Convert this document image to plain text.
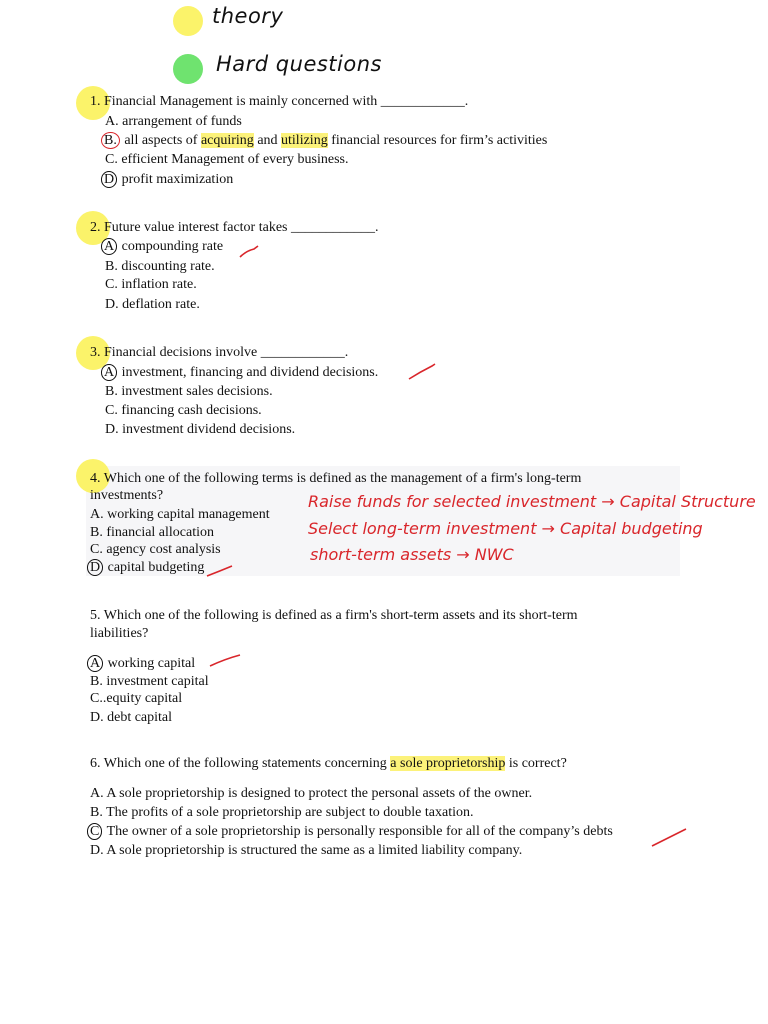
theory
Hard questions
1. Financial Management is mainly concerned with ____________.
A. arrangement of funds
B. all aspects of acquiring and utilizing financial resources for firm’s activities
C. efficient Management of every business.
D profit maximization
2. Future value interest factor takes ____________.
A compounding rate
B. discounting rate.
C. inflation rate.
D. deflation rate.
3. Financial decisions involve ____________.
A investment, financing and dividend decisions.
B. investment sales decisions.
C. financing cash decisions.
D. investment dividend decisions.
4. Which one of the following terms is defined as the management of a firm's long-term
investments?
A. working capital management
B. financial allocation
C. agency cost analysis
D capital budgeting
Raise funds for selected investment → Capital Structure
Select long-term investment → Capital budgeting
short-term assets → NWC
5. Which one of the following is defined as a firm's short-term assets and its short-term
liabilities?
A working capital
B. investment capital
C..equity capital
D. debt capital
6. Which one of the following statements concerning a sole proprietorship is correct?
A. A sole proprietorship is designed to protect the personal assets of the owner.
B. The profits of a sole proprietorship are subject to double taxation.
C The owner of a sole proprietorship is personally responsible for all of the company’s debts
D. A sole proprietorship is structured the same as a limited liability company.
